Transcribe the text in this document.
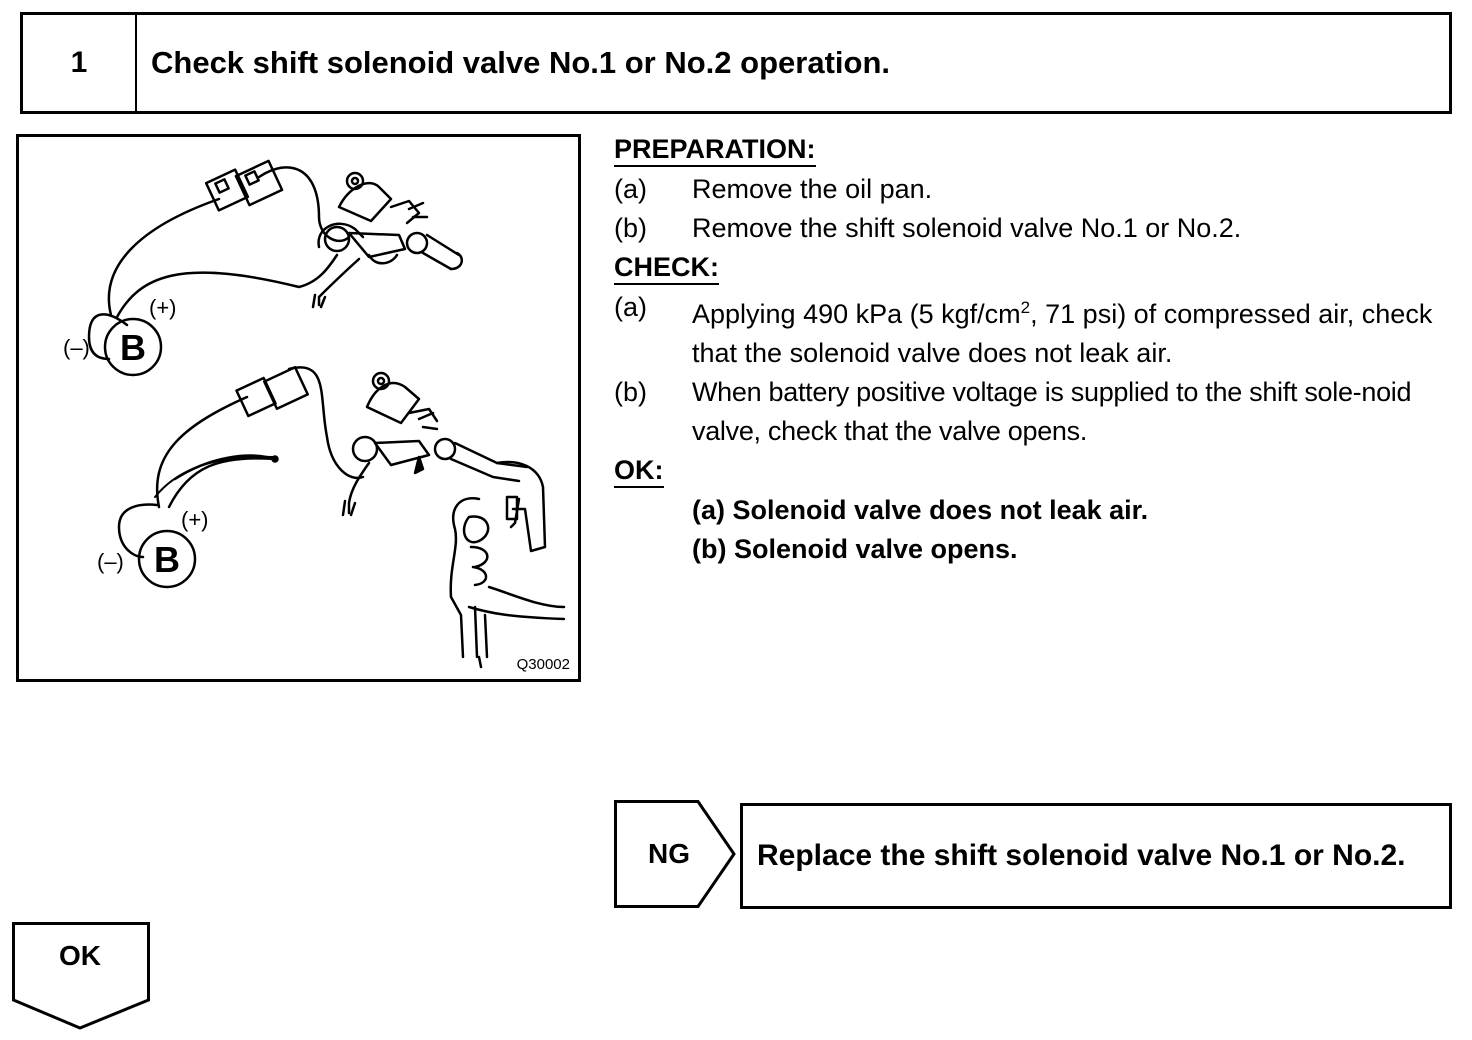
1	Check shift solenoid valve No.1 or No.2 operation.
B
(+)
(–)
B
(+)
(–)
Q30002
PREPARATION:
(a)	Remove the oil pan.
(b)	Remove the shift solenoid valve No.1 or No.2.
CHECK:
(a)	Applying 490 kPa (5 kgf/$cm^2$, 71 psi) of compressed air, check that the solenoid valve does not leak air.
(b)	When battery positive voltage is supplied to the shift sole-noid valve, check that the valve opens.
OK:
(a) Solenoid valve does not leak air.
(b) Solenoid valve opens.
NG	Replace the shift solenoid valve No.1 or No.2.
OK
